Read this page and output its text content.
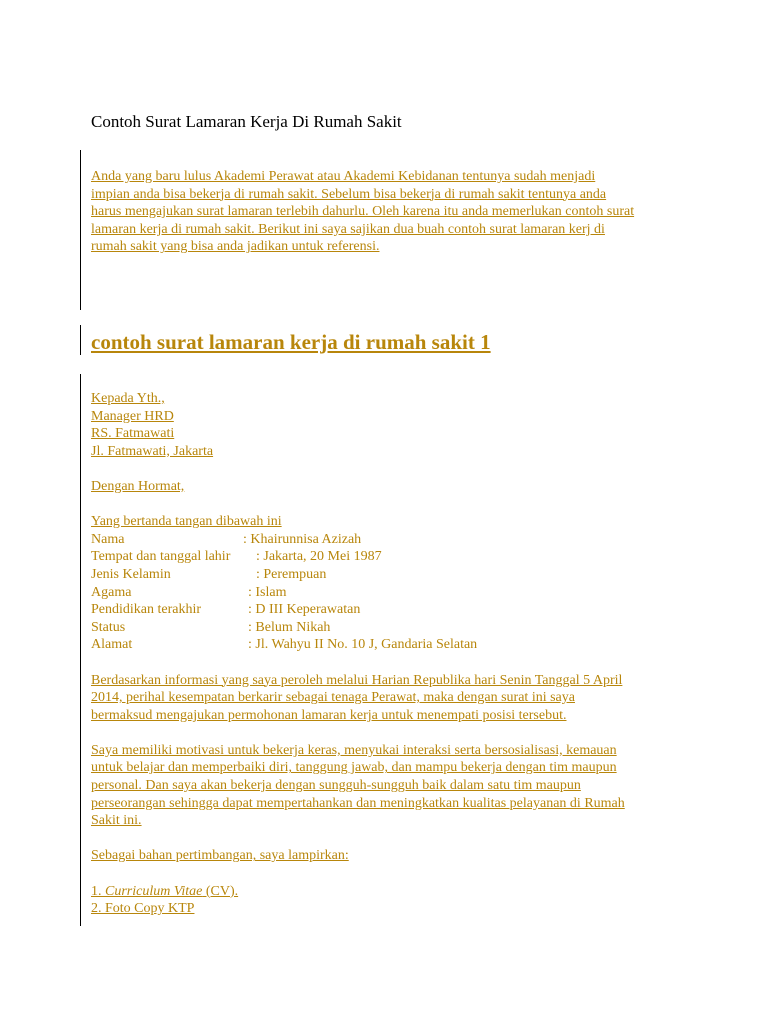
Contoh Surat Lamaran Kerja Di Rumah Sakit
Anda yang baru lulus Akademi Perawat atau Akademi Kebidanan tentunya sudah menjadi
impian anda bisa bekerja di rumah sakit. Sebelum bisa bekerja di rumah sakit tentunya anda
harus mengajukan surat lamaran terlebih dahurlu. Oleh karena itu anda memerlukan contoh surat
lamaran kerja di rumah sakit. Berikut ini saya sajikan dua buah contoh surat lamaran kerj di
rumah sakit yang bisa anda jadikan untuk referensi.
contoh surat lamaran kerja di rumah sakit 1
Kepada Yth.,
Manager HRD
RS. Fatmawati
Jl. Fatmawati, Jakarta
Dengan Hormat,
Yang bertanda tangan dibawah ini
Nama	: Khairunnisa Azizah
Tempat dan tanggal lahir : Jakarta, 20 Mei 1987
Jenis Kelamin	: Perempuan
Agama	: Islam
Pendidikan terakhir	: D III Keperawatan
Status	: Belum Nikah
Alamat	: Jl. Wahyu II No. 10 J, Gandaria Selatan
Berdasarkan informasi yang saya peroleh melalui Harian Republika hari Senin Tanggal 5 April
2014, perihal kesempatan berkarir sebagai tenaga Perawat, maka dengan surat ini saya
bermaksud mengajukan permohonan lamaran kerja untuk menempati posisi tersebut.
Saya memiliki motivasi untuk bekerja keras, menyukai interaksi serta bersosialisasi, kemauan
untuk belajar dan memperbaiki diri, tanggung jawab, dan mampu bekerja dengan tim maupun
personal. Dan saya akan bekerja dengan sungguh-sungguh baik dalam satu tim maupun
perseorangan sehingga dapat mempertahankan dan meningkatkan kualitas pelayanan di Rumah
Sakit ini.
Sebagai bahan pertimbangan, saya lampirkan:
1. Curriculum Vitae (CV).
2. Foto Copy KTP
